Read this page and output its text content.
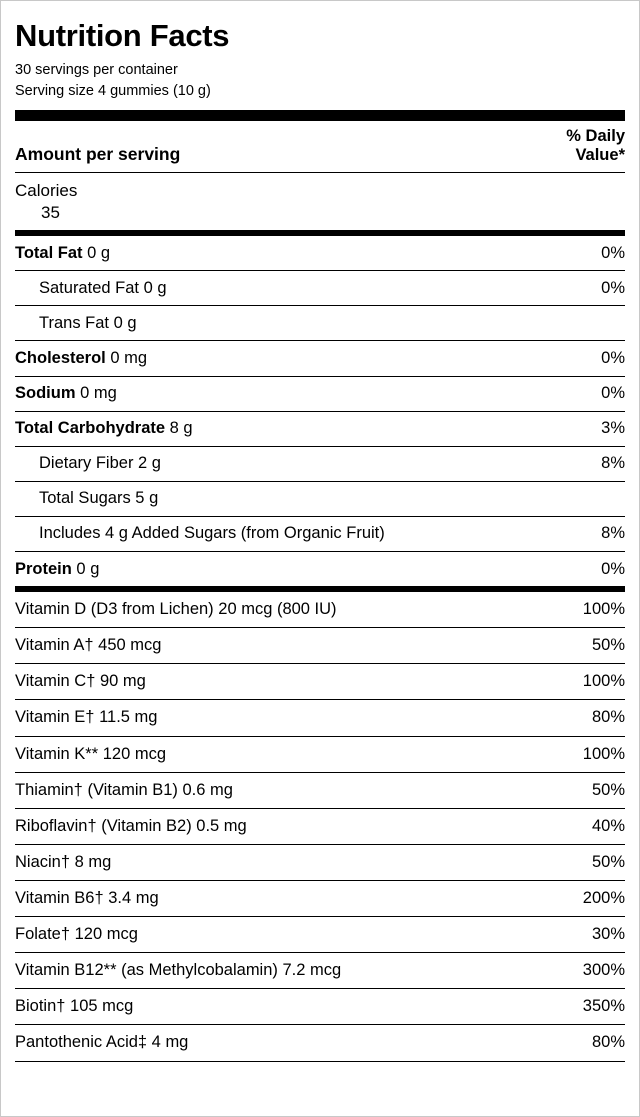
Nutrition Facts
30 servings per container
Serving size 4 gummies (10 g)
Amount per serving
% Daily
Value*
Calories
35
Total Fat 0 g	0%
Saturated Fat 0 g	0%
Trans Fat 0 g
Cholesterol 0 mg	0%
Sodium 0 mg	0%
Total Carbohydrate 8 g	3%
Dietary Fiber 2 g	8%
Total Sugars 5 g
Includes 4 g Added Sugars (from Organic Fruit)	8%
Protein 0 g	0%
Vitamin D (D3 from Lichen) 20 mcg (800 IU)	100%
Vitamin A† 450 mcg	50%
Vitamin C† 90 mg	100%
Vitamin E† 11.5 mg	80%
Vitamin K** 120 mcg	100%
Thiamin† (Vitamin B1) 0.6 mg	50%
Riboflavin† (Vitamin B2) 0.5 mg	40%
Niacin† 8 mg	50%
Vitamin B6† 3.4 mg	200%
Folate† 120 mcg	30%
Vitamin B12** (as Methylcobalamin) 7.2 mcg	300%
Biotin† 105 mcg	350%
Pantothenic Acid‡ 4 mg	80%
